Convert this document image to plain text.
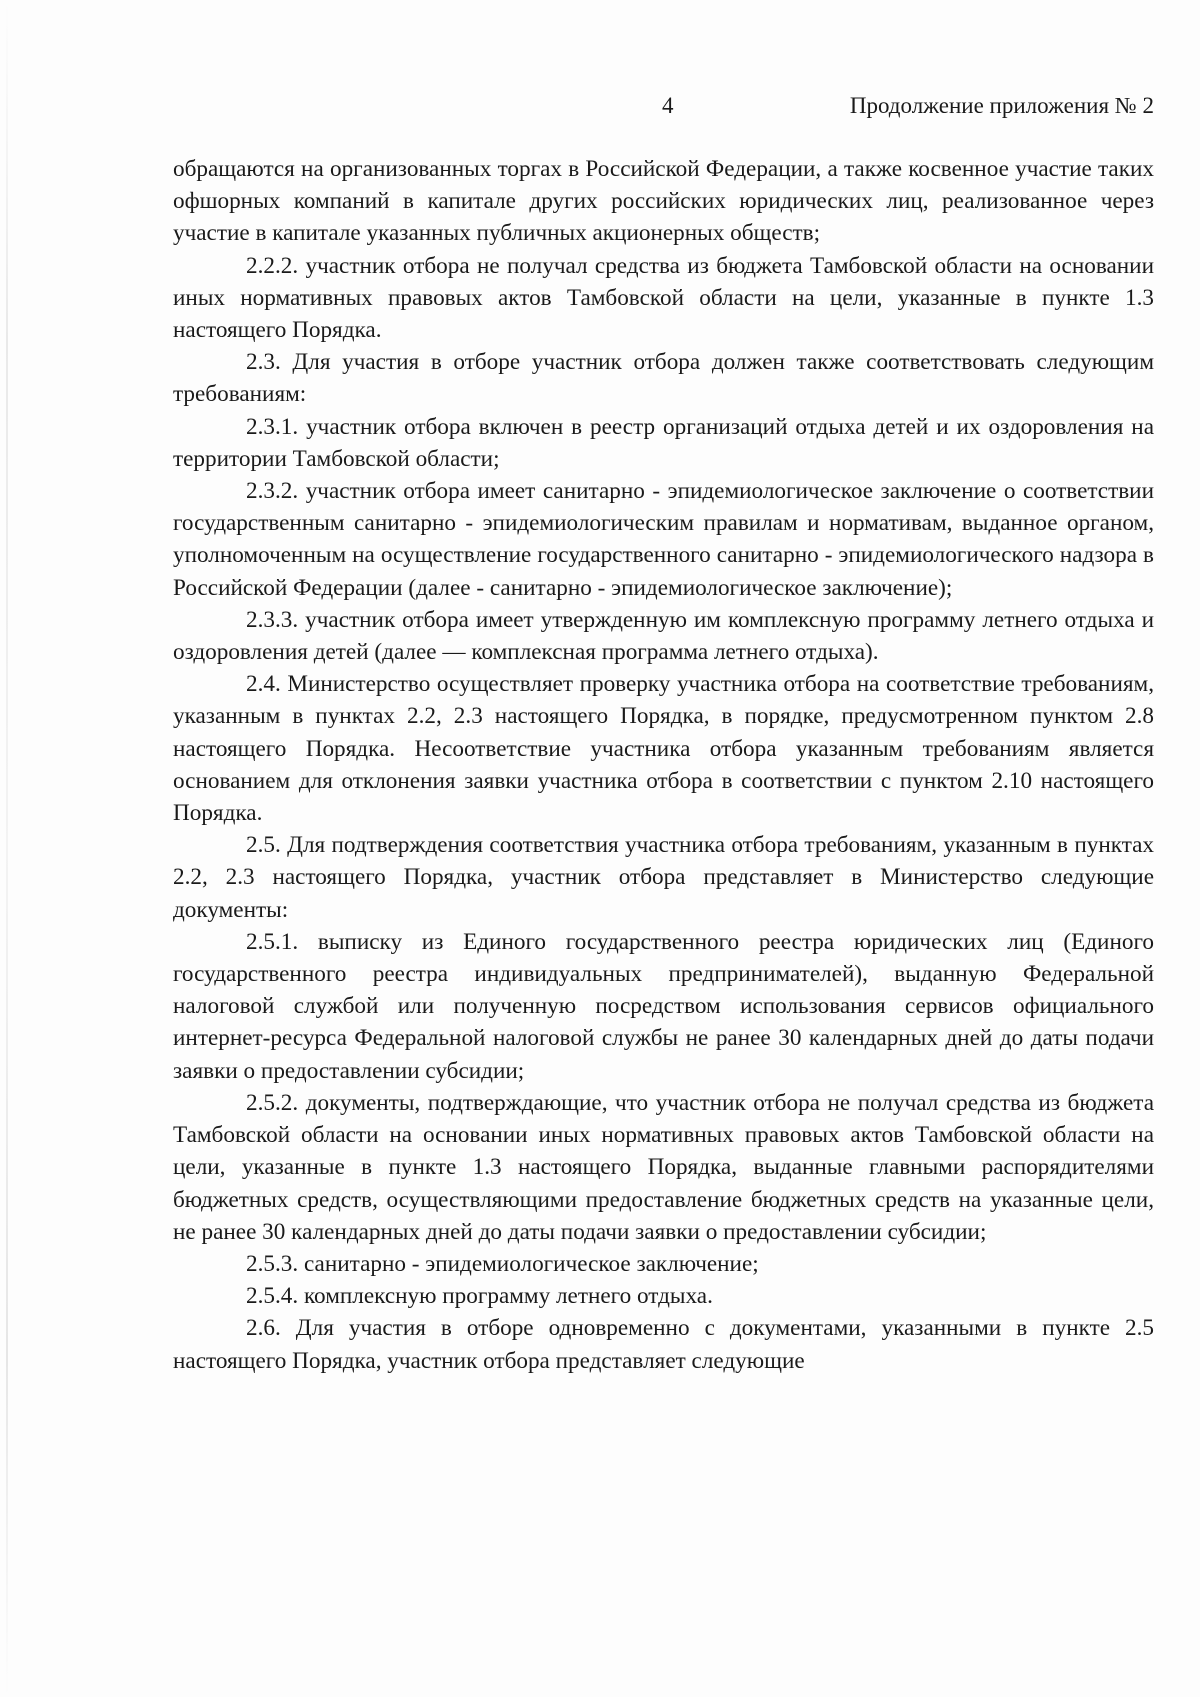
4	Продолжение приложения № 2

обращаются на организованных торгах в Российской Федерации, а также косвенное участие таких офшорных компаний в капитале других российских юридических лиц, реализованное через участие в капитале указанных публичных акционерных обществ;

2.2.2. участник отбора не получал средства из бюджета Тамбовской области на основании иных нормативных правовых актов Тамбовской области на цели, указанные в пункте 1.3 настоящего Порядка.

2.3. Для участия в отборе участник отбора должен также соответствовать следующим требованиям:

2.3.1. участник отбора включен в реестр организаций отдыха детей и их оздоровления на территории Тамбовской области;

2.3.2. участник отбора имеет санитарно - эпидемиологическое заключение о соответствии государственным санитарно - эпидемиологическим правилам и нормативам, выданное органом, уполномоченным на осуществление государственного санитарно - эпидемиологического надзора в Российской Федерации (далее - санитарно - эпидемиологическое заключение);

2.3.3. участник отбора имеет утвержденную им комплексную программу летнего отдыха и оздоровления детей (далее — комплексная программа летнего отдыха).

2.4. Министерство осуществляет проверку участника отбора на соответствие требованиям, указанным в пунктах 2.2, 2.3 настоящего Порядка, в порядке, предусмотренном пунктом 2.8 настоящего Порядка. Несоответствие участника отбора указанным требованиям является основанием для отклонения заявки участника отбора в соответствии с пунктом 2.10 настоящего Порядка.

2.5. Для подтверждения соответствия участника отбора требованиям, указанным в пунктах 2.2, 2.3 настоящего Порядка, участник отбора представляет в Министерство следующие документы:

2.5.1. выписку из Единого государственного реестра юридических лиц (Единого государственного реестра индивидуальных предпринимателей), выданную Федеральной налоговой службой или полученную посредством использования сервисов официального интернет-ресурса Федеральной налоговой службы не ранее 30 календарных дней до даты подачи заявки о предоставлении субсидии;

2.5.2. документы, подтверждающие, что участник отбора не получал средства из бюджета Тамбовской области на основании иных нормативных правовых актов Тамбовской области на цели, указанные в пункте 1.3 настоящего Порядка, выданные главными распорядителями бюджетных средств, осуществляющими предоставление бюджетных средств на указанные цели, не ранее 30 календарных дней до даты подачи заявки о предоставлении субсидии;

2.5.3. санитарно - эпидемиологическое заключение;

2.5.4. комплексную программу летнего отдыха.

2.6. Для участия в отборе одновременно с документами, указанными в пункте 2.5 настоящего Порядка, участник отбора представляет следующие
